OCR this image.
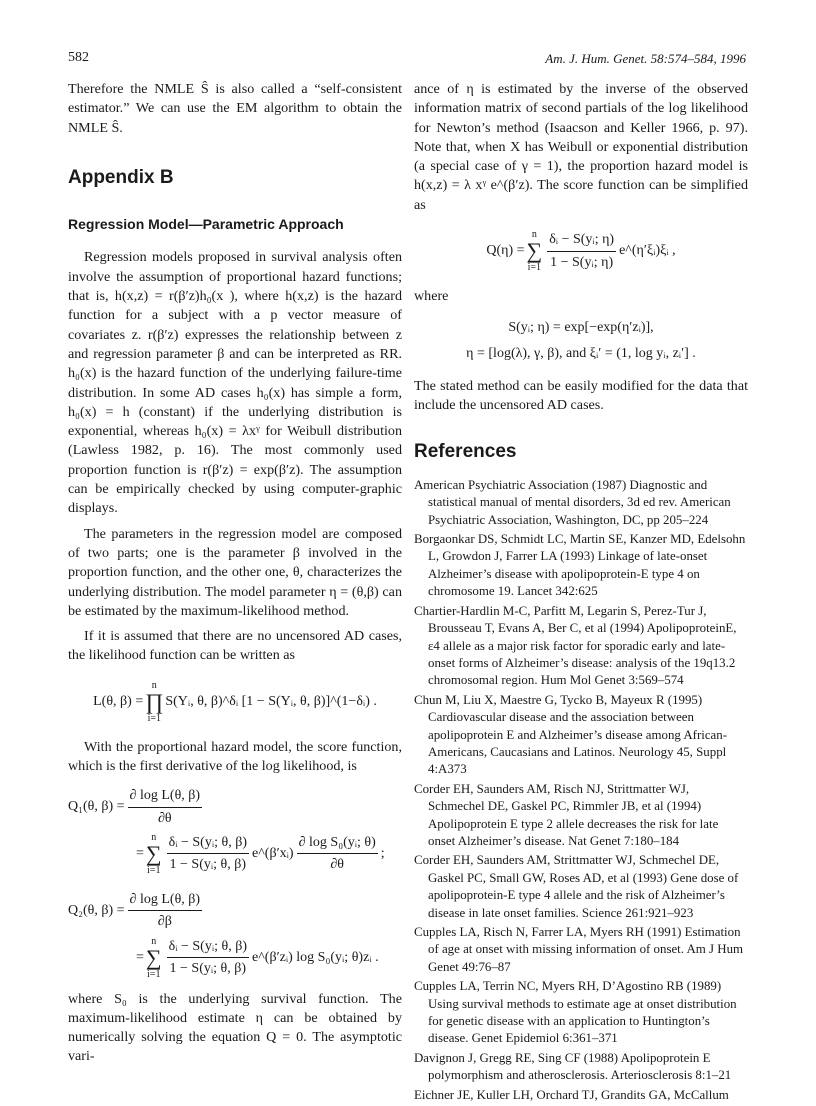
582	Am. J. Hum. Genet. 58:574–584, 1996

Therefore the NMLE Ŝ is also called a “self-consistent estimator.” We can use the EM algorithm to obtain the NMLE Ŝ.

Appendix B
Regression Model—Parametric Approach

Regression models proposed in survival analysis often involve the assumption of proportional hazard functions; that is, h(x,z) = r(β′z)h₀(x ), where h(x,z) is the hazard function for a subject with a p vector measure of covariates z. r(β′z) expresses the relationship between z and regression parameter β and can be interpreted as RR. h₀(x) is the hazard function of the underlying failure-time distribution. In some AD cases h₀(x) has simple a form, h₀(x) = h (constant) if the underlying distribution is exponential, whereas h₀(x) = λxᵞ for Weibull distribution (Lawless 1982, p. 16). The most commonly used proportion function is r(β′z) = exp(β′z). The assumption can be empirically checked by using computer-graphic displays.

The parameters in the regression model are composed of two parts; one is the parameter β involved in the proportion function, and the other one, θ, characterizes the underlying distribution. The model parameter η = (θ,β) can be estimated by the maximum-likelihood method.

If it is assumed that there are no uncensored AD cases, the likelihood function can be written as

L(θ, β) =
n
∏
i=1
S(Yᵢ, θ, β)^δᵢ [1 − S(Yᵢ, θ, β)]^(1−δᵢ) .

With the proportional hazard model, the score function, which is the first derivative of the log likelihood, is

Q₁(θ, $\beta) = \frac{\text{∂ log L(θ, β)}}{\partial\theta}$
=
n
∑
$i=1 \frac{\text{δᵢ − S(yᵢ; θ, β)}}{\text{1 − S(yᵢ; θ, β)}}$ e^(β′xᵢ) $\frac{\text{∂ log S₀(yᵢ; θ)}}{\partial\theta}$ ;
Q₂(θ, $\beta) = \frac{\text{∂ log L(θ, β)}}{\partial\beta}$
=
n
∑
$i=1 \frac{\text{δᵢ − S(yᵢ; θ, β)}}{\text{1 − S(yᵢ; θ, β)}}$ e^(β′zᵢ) log S₀(yᵢ; θ)zᵢ .

where S₀ is the underlying survival function. The maximum-likelihood estimate η can be obtained by numerically solving the equation Q = 0. The asymptotic vari-

ance of η is estimated by the inverse of the observed information matrix of second partials of the log likelihood for Newton’s method (Isaacson and Keller 1966, p. 97). Note that, when X has Weibull or exponential distribution (a special case of γ = 1), the proportion hazard model is h(x,z) = λ xᵞ e^(β′z). The score function can be simplified as

Q(η) =
n
∑
$i=1 \frac{\text{δᵢ − S(yᵢ; η)}}{\text{1 − S(yᵢ; η)}}$ e^(η′ξᵢ)ξᵢ ,

where

S(yᵢ; η) = exp[−exp(η′zᵢ)],
η = [log(λ), γ, β), and ξᵢ′ = (1, log yᵢ, zᵢ′] .

The stated method can be easily modified for the data that include the uncensored AD cases.

References

American Psychiatric Association (1987) Diagnostic and statistical manual of mental disorders, 3d ed rev. American Psychiatric Association, Washington, DC, pp 205–224

Borgaonkar DS, Schmidt LC, Martin SE, Kanzer MD, Edelsohn L, Growdon J, Farrer LA (1993) Linkage of late-onset Alzheimer’s disease with apolipoprotein-E type 4 on chromosome 19. Lancet 342:625

Chartier-Hardlin M-C, Parfitt M, Legarin S, Perez-Tur J, Brousseau T, Evans A, Ber C, et al (1994) ApolipoproteinE, ε4 allele as a major risk factor for sporadic early and late-onset forms of Alzheimer’s disease: analysis of the 19q13.2 chromosomal region. Hum Mol Genet 3:569–574

Chun M, Liu X, Maestre G, Tycko B, Mayeux R (1995) Cardiovascular disease and the association between apolipoprotein E and Alzheimer’s disease among African-Americans, Caucasians and Latinos. Neurology 45, Suppl 4:A373

Corder EH, Saunders AM, Risch NJ, Strittmatter WJ, Schmechel DE, Gaskel PC, Rimmler JB, et al (1994) Apolipoprotein E type 2 allele decreases the risk for late onset Alzheimer’s disease. Nat Genet 7:180–184

Corder EH, Saunders AM, Strittmatter WJ, Schmechel DE, Gaskel PC, Small GW, Roses AD, et al (1993) Gene dose of apolipoprotein-E type 4 allele and the risk of Alzheimer’s disease in late onset families. Science 261:921–923

Cupples LA, Risch N, Farrer LA, Myers RH (1991) Estimation of age at onset with missing information of onset. Am J Hum Genet 49:76–87

Cupples LA, Terrin NC, Myers RH, D’Agostino RB (1989) Using survival methods to estimate age at onset distribution for genetic disease with an application to Huntington’s disease. Genet Epidemiol 6:361–371

Davignon J, Gregg RE, Sing CF (1988) Apolipoprotein E polymorphism and atherosclerosis. Arteriosclerosis 8:1–21

Eichner JE, Kuller LH, Orchard TJ, Grandits GA, McCallum
